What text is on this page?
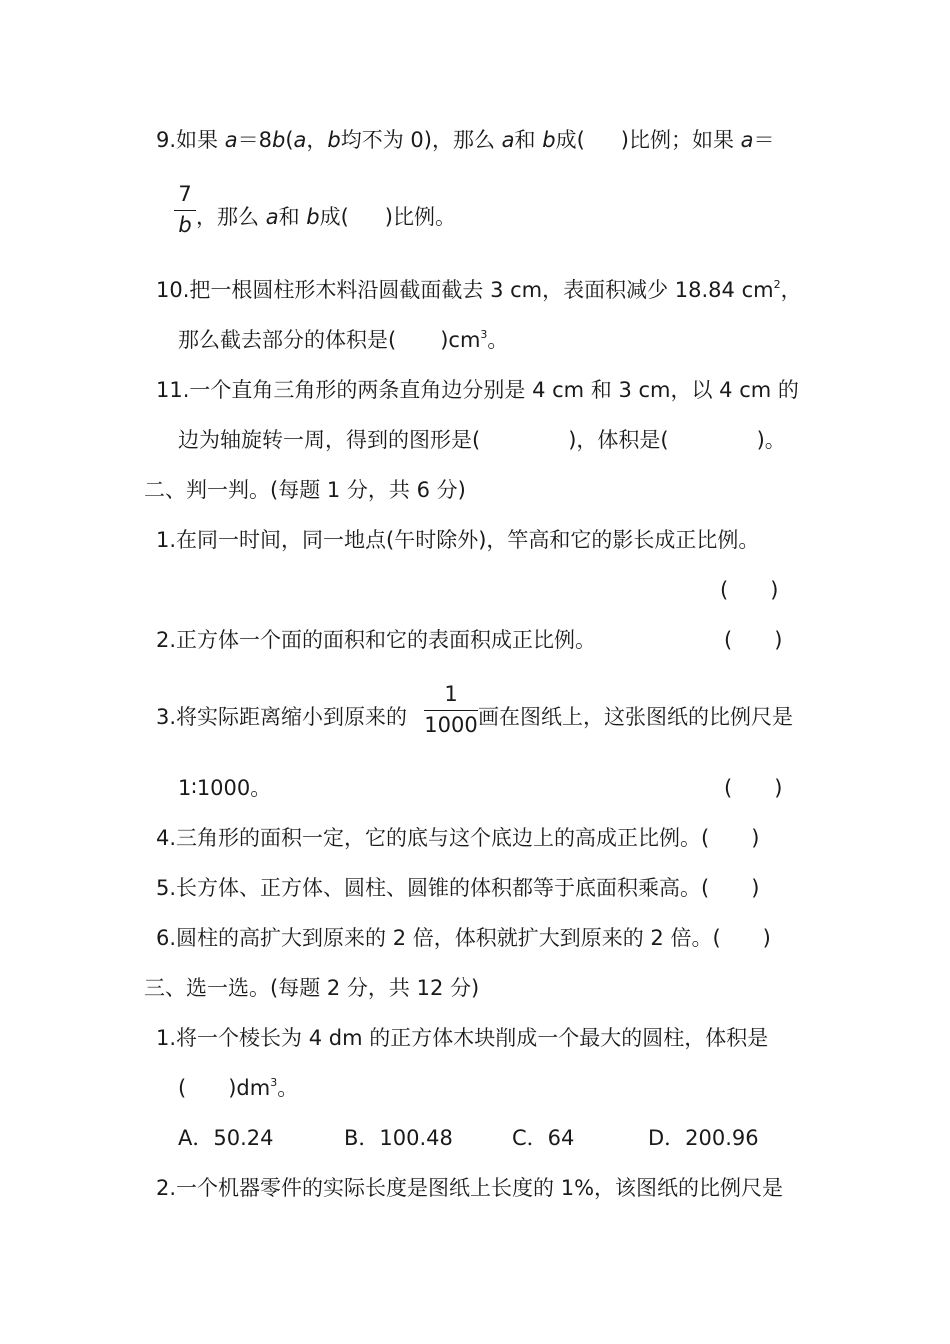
9.如果 a＝8b(a，b均不为 0)，那么 a和 b成( )比例；如果 a＝
7
b ，那么 a和 b成( )比例。
10.把一根圆柱形木料沿圆截面截去 3 cm，表面积减少 18.84 $cm^2$，
那么截去部分的体积是( )$cm^3$。
11.一个直角三角形的两条直角边分别是 4 cm 和 3 cm，以 4 cm 的
边为轴旋转一周，得到的图形是(	)，体积是(	)。
二、判一判。(每题 1 分，共 6 分)
1.在同一时间，同一地点(午时除外)，竿高和它的影长成正比例。
(　　)
2.正方体一个面的面积和它的表面积成正比例。	(　　)
3.将实际距离缩小到原来的
1
1000 画在图纸上，这张图纸的比例尺是
1∶1000。	(　　)
4.三角形的面积一定，它的底与这个底边上的高成正比例。(　　)
5.长方体、正方体、圆柱、圆锥的体积都等于底面积乘高。(　　)
6.圆柱的高扩大到原来的 2 倍，体积就扩大到原来的 2 倍。(　　)
三、选一选。(每题 2 分，共 12 分)
1.将一个棱长为 4 dm 的正方体木块削成一个最大的圆柱，体积是
(　　)$dm^3$。
A．50.24	B．100.48	C．64	D．200.96
2.一个机器零件的实际长度是图纸上长度的 1%，该图纸的比例尺是
